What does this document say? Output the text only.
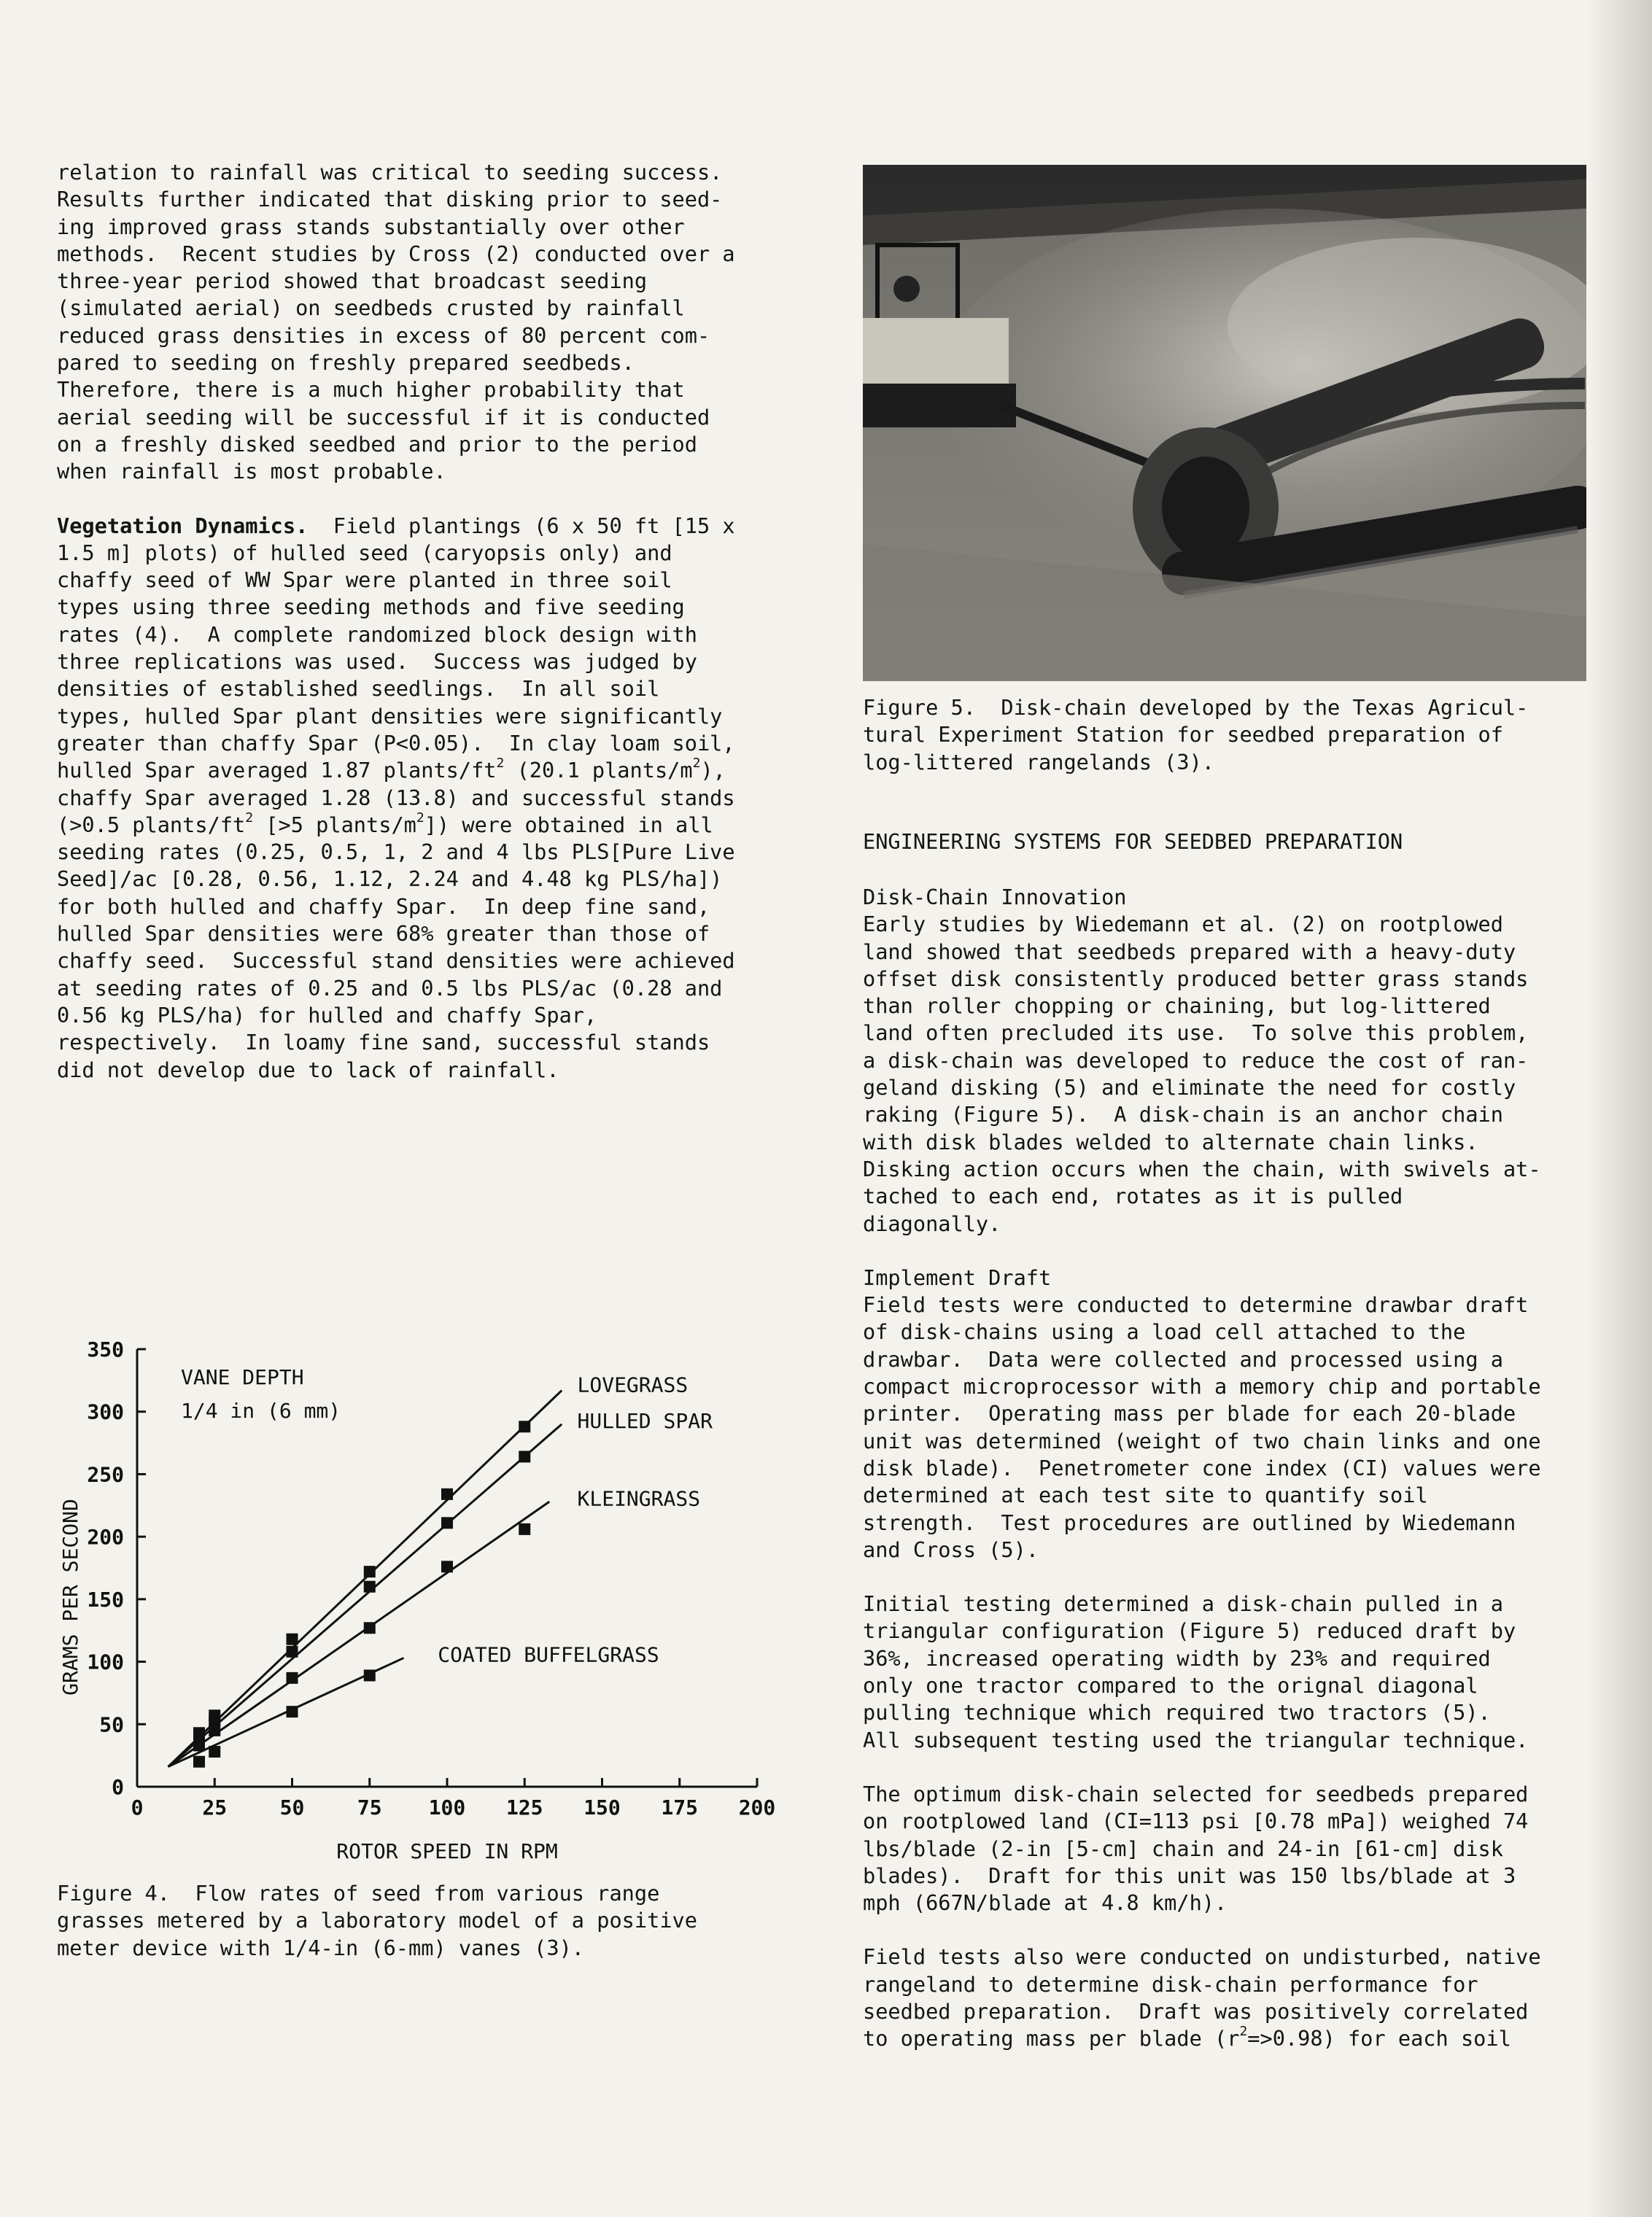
relation to rainfall was critical to seeding success.
Results further indicated that disking prior to seed-
ing improved grass stands substantially over other
methods.  Recent studies by Cross (2) conducted over a
three-year period showed that broadcast seeding
(simulated aerial) on seedbeds crusted by rainfall
reduced grass densities in excess of 80 percent com-
pared to seeding on freshly prepared seedbeds.
Therefore, there is a much higher probability that
aerial seeding will be successful if it is conducted
on a freshly disked seedbed and prior to the period
when rainfall is most probable.
Vegetation Dynamics.  Field plantings (6 x 50 ft [15 x
1.5 m] plots) of hulled seed (caryopsis only) and
chaffy seed of WW Spar were planted in three soil
types using three seeding methods and five seeding
rates (4).  A complete randomized block design with
three replications was used.  Success was judged by
densities of established seedlings.  In all soil
types, hulled Spar plant densities were significantly
greater than chaffy Spar (P<0.05).  In clay loam soil,
hulled Spar averaged 1.87 plants/$ft^2$ (20.1 plants/$m^2$),
chaffy Spar averaged 1.28 (13.8) and successful stands
(>0.5 plants/$ft^2$ [>5 plants/$m^2$]) were obtained in all
seeding rates (0.25, 0.5, 1, 2 and 4 lbs PLS[Pure Live
Seed]/ac [0.28, 0.56, 1.12, 2.24 and 4.48 kg PLS/ha])
for both hulled and chaffy Spar.  In deep fine sand,
hulled Spar densities were 68% greater than those of
chaffy seed.  Successful stand densities were achieved
at seeding rates of 0.25 and 0.5 lbs PLS/ac (0.28 and
0.56 kg PLS/ha) for hulled and chaffy Spar,
respectively.  In loamy fine sand, successful stands
did not develop due to lack of rainfall.
0
50
100
150
200
250
300
350
0	25	50	75 100 125 150 175 200
ROTOR SPEED IN RPM
GRAMS PER SECOND
VANE DEPTH
1/4 in (6 mm)
LOVEGRASS
HULLED SPAR
KLEINGRASS
COATED BUFFELGRASS
Figure 4.  Flow rates of seed from various range
grasses metered by a laboratory model of a positive
meter device with 1/4-in (6-mm) vanes (3).
Figure 5.  Disk-chain developed by the Texas Agricul-
tural Experiment Station for seedbed preparation of
log-littered rangelands (3).
ENGINEERING SYSTEMS FOR SEEDBED PREPARATION
Disk-Chain Innovation
Early studies by Wiedemann et al. (2) on rootplowed
land showed that seedbeds prepared with a heavy-duty
offset disk consistently produced better grass stands
than roller chopping or chaining, but log-littered
land often precluded its use.  To solve this problem,
a disk-chain was developed to reduce the cost of ran-
geland disking (5) and eliminate the need for costly
raking (Figure 5).  A disk-chain is an anchor chain
with disk blades welded to alternate chain links.
Disking action occurs when the chain, with swivels at-
tached to each end, rotates as it is pulled
diagonally.
Implement Draft
Field tests were conducted to determine drawbar draft
of disk-chains using a load cell attached to the
drawbar.  Data were collected and processed using a
compact microprocessor with a memory chip and portable
printer.  Operating mass per blade for each 20-blade
unit was determined (weight of two chain links and one
disk blade).  Penetrometer cone index (CI) values were
determined at each test site to quantify soil
strength.  Test procedures are outlined by Wiedemann
and Cross (5).
Initial testing determined a disk-chain pulled in a
triangular configuration (Figure 5) reduced draft by
36%, increased operating width by 23% and required
only one tractor compared to the orignal diagonal
pulling technique which required two tractors (5).
All subsequent testing used the triangular technique.
The optimum disk-chain selected for seedbeds prepared
on rootplowed land (CI=113 psi [0.78 mPa]) weighed 74
lbs/blade (2-in [5-cm] chain and 24-in [61-cm] disk
blades).  Draft for this unit was 150 lbs/blade at 3
mph (667N/blade at 4.8 km/h).
Field tests also were conducted on undisturbed, native
rangeland to determine disk-chain performance for
seedbed preparation.  Draft was positively correlated
to operating mass per blade $(r^2=>0.98)$ for each soil
